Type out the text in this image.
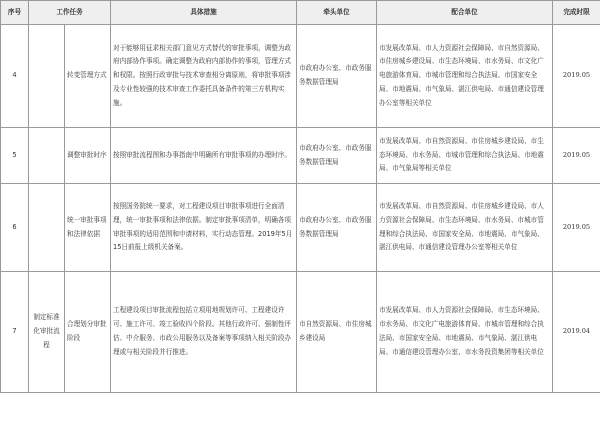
序号	工作任务		具体措施	牵头单位	配合单位	完成时限
4		转变管理方式	对于能够用征求相关部门意见方式替代的审批事项，调整为政府内部协作事项。确定调整为政府内部协作的事项，管理方式和权限。按照行政审批与技术审查相分离原则，将审批事项涉及专业性较强的技术审查工作委托具备条件的第三方机构实施。	市政府办公室、市政务服务数据管理局	市发展改革局、市人力资源社会保障局、市自然资源局、市住房城乡建设局、市生态环境局、市水务局、市文化广电旅游体育局、市城市管理和综合执法局、市国家安全局、市地震局、市气象局、湛江供电局、市通信建设管理办公室等相关单位	2019.05
5		调整审批时序	按照审批流程图和办事指南中明确所有审批事项的办理时序。	市政府办公室、市政务服务数据管理局	市发展改革局、市自然资源局、市住房城乡建设局、市生态环境局、市水务局、市城市管理和综合执法局、市地震局、市气象局等相关单位	2019.05
6		统一审批事项和法律依据	按照国务院统一要求，对工程建设项目审批事项进行全面清理，统一审批事项和法律依据。制定审批事项清单，明确各项审批事项的适用范围和申请材料，实行动态管理。2019年5月15日前报上级机关备案。	市政府办公室、市政务服务数据管理局	市发展改革局、市自然资源局、市住房城乡建设局、市人力资源社会保障局、市生态环境局、市水务局、市城市管理和综合执法局、市国家安全局、市地震局、市气象局、湛江供电局、市通信建设管理办公室等相关单位	2019.05
7	制定标准化审批流程	合理划分审批阶段	工程建设项目审批流程包括立项用地规划许可、工程建设许可、施工许可、竣工验收四个阶段。其他行政许可、强制性评估、中介服务、市政公用服务以及备案等事项纳入相关阶段办理或与相关阶段并行推进。	市自然资源局、市住房城乡建设局	市发展改革局、市人力资源社会保障局、市生态环境局、市水务局、市文化广电旅游体育局、市城市管理和综合执法局、市国家安全局、市地震局、市气象局、湛江供电局、市通信建设管理办公室、市水务投资集团等相关单位	2019.04
